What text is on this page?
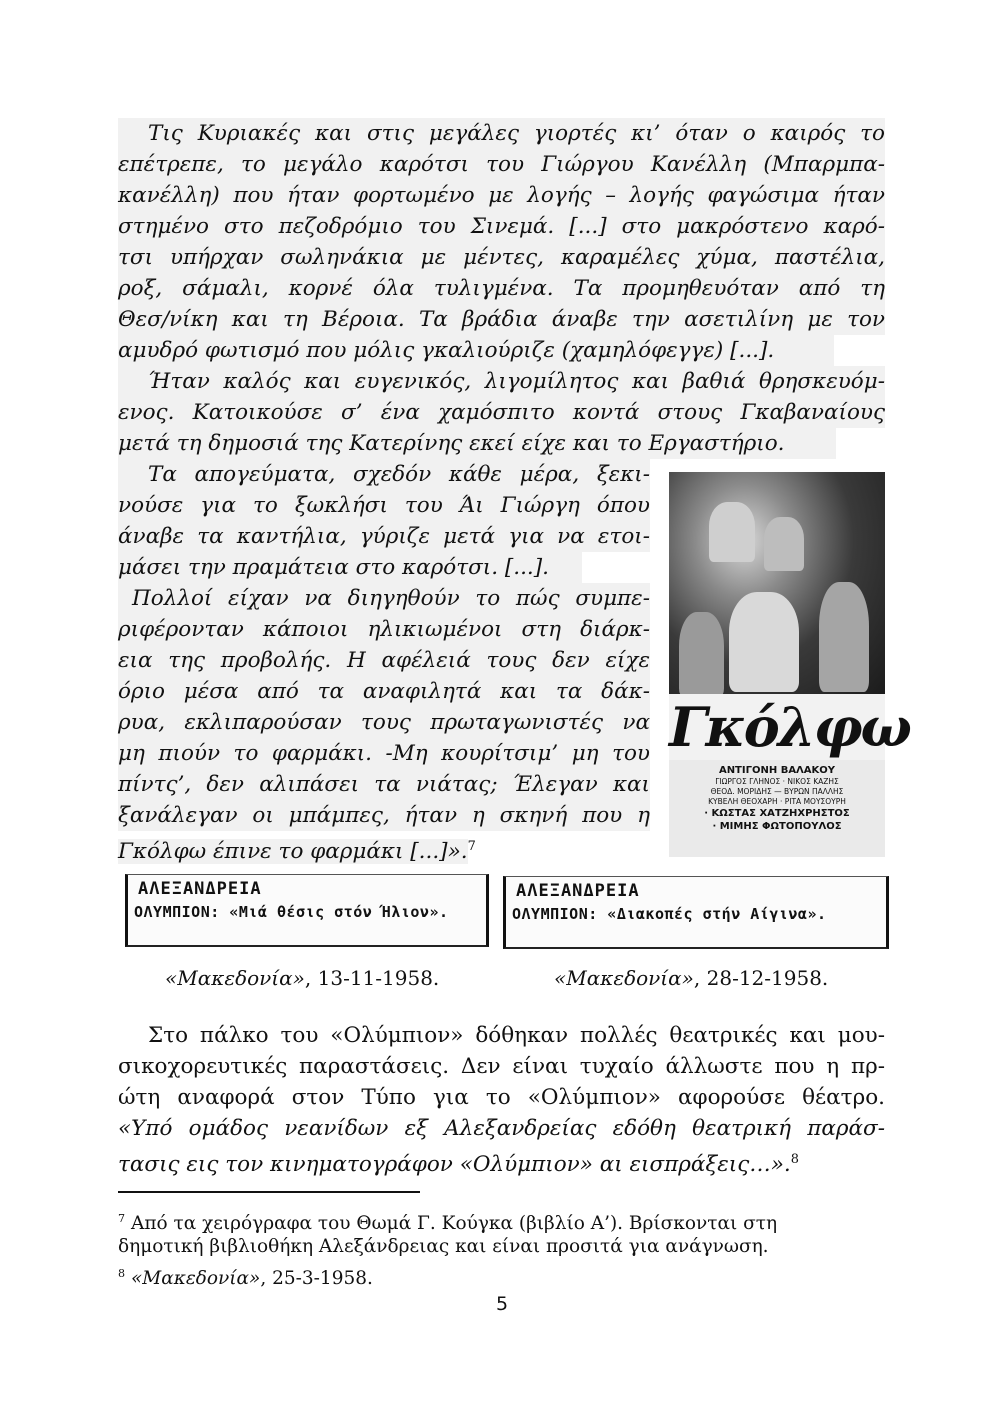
Τις Κυριακές και στις μεγάλες γιορτές κι’ όταν ο καιρός το
επέτρεπε, το μεγάλο καρότσι του Γιώργου Κανέλλη (Μπαρμπα-
κανέλλη) που ήταν φορτωμένο με λογής – λογής φαγώσιμα ήταν
στημένο στο πεζοδρόμιο του Σινεμά. [...] στο μακρόστενο καρό-
τσι υπήρχαν σωληνάκια με μέντες, καραμέλες χύμα, παστέλια,
ροξ, σάμαλι, κορνέ όλα τυλιγμένα. Τα προμηθευόταν από τη
Θεσ/νίκη και τη Βέροια. Τα βράδια άναβε την ασετιλίνη με τον
αμυδρό φωτισμό που μόλις γκαλιούριζε (χαμηλόφεγγε) [...].
Ήταν καλός και ευγενικός, λιγομίλητος και βαθιά θρησκευόμ-
ενος. Κατοικούσε σ’ ένα χαμόσπιτο κοντά στους Γκαβαναίους
μετά τη δημοσιά της Κατερίνης εκεί είχε και το Εργαστήριο.
Τα απογεύματα, σχεδόν κάθε μέρα, ξεκι-
νούσε για το ξωκλήσι του Άι Γιώργη όπου
άναβε τα καντήλια, γύριζε μετά για να ετοι-
μάσει την πραμάτεια στο καρότσι. [...].
Πολλοί είχαν να διηγηθούν το πώς συμπε-
ριφέρονταν κάποιοι ηλικιωμένοι στη διάρκ-
εια της προβολής. Η αφέλειά τους δεν είχε
όριο μέσα από τα αναφιλητά και τα δάκ-
ρυα, εκλιπαρούσαν τους πρωταγωνιστές να
μη πιούν το φαρμάκι. -Μη κουρίτσιμ’ μη του
πίντς’, δεν αλιπάσει τα νιάτας; Έλεγαν και
ξανάλεγαν οι μπάμπες, ήταν η σκηνή που η
Γκόλφω έπινε το φαρμάκι [...]».$^7$
Γκόλφω
ΑΝΤΙΓΟΝΗ ΒΑΛΑΚΟΥ
ΓΙΩΡΓΟΣ ΓΛΗΝΟΣ · ΝΙΚΟΣ ΚΑΖΗΣ
ΘΕΟΔ. ΜΟΡΙΔΗΣ — ΒΥΡΩΝ ΠΑΛΛΗΣ
ΚΥΒΕΛΗ ΘΕΟΧΑΡΗ · ΡΙΤΑ ΜΟΥΣΟΥΡΗ
· ΚΩΣΤΑΣ ΧΑΤΖΗΧΡΗΣΤΟΣ
· ΜΙΜΗΣ ΦΩΤΟΠΟΥΛΟΣ
ΑΛΕΞΑΝΔΡΕΙΑ
ΟΛΥΜΠΙΟΝ: «Μιά θέσις στόν Ήλιον».
«Μακεδονία», 13-11-1958.
ΑΛΕΞΑΝΔΡΕΙΑ
ΟΛΥΜΠΙΟΝ: «Διακοπές στήν Αίγινα».
«Μακεδονία», 28-12-1958.
Στο πάλκο του «Ολύμπιον» δόθηκαν πολλές θεατρικές και μου-
σικοχορευτικές παραστάσεις. Δεν είναι τυχαίο άλλωστε που η πρ-
ώτη αναφορά στον Τύπο για το «Ολύμπιον» αφορούσε θέατρο.
«Υπό ομάδος νεανίδων εξ Αλεξανδρείας εδόθη θεατρική παράσ-
τασις εις τον κινηματογράφον «Ολύμπιον» αι εισπράξεις…».$^8$
$^7$ Από τα χειρόγραφα του Θωμά Γ. Κούγκα (βιβλίο Α’). Βρίσκονται στη
δημοτική βιβλιοθήκη Αλεξάνδρειας και είναι προσιτά για ανάγνωση.
$^8$ «Μακεδονία», 25-3-1958.
5
